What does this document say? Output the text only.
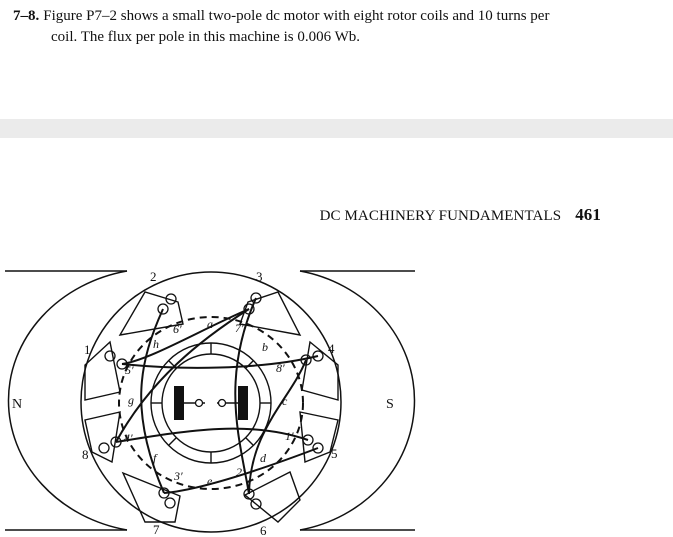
7–8. Figure P7–2 shows a small two-pole dc motor with eight rotor coils and 10 turns per
coil. The flux per pole in this machine is 0.006 Wb.
DC MACHINERY FUNDAMENTALS 461
N	S
1
2	3
4
5
6
7
8
1′
2′
3′
4′
5′
6′	7′
8′
a
b
c
d
e
f
g
h
